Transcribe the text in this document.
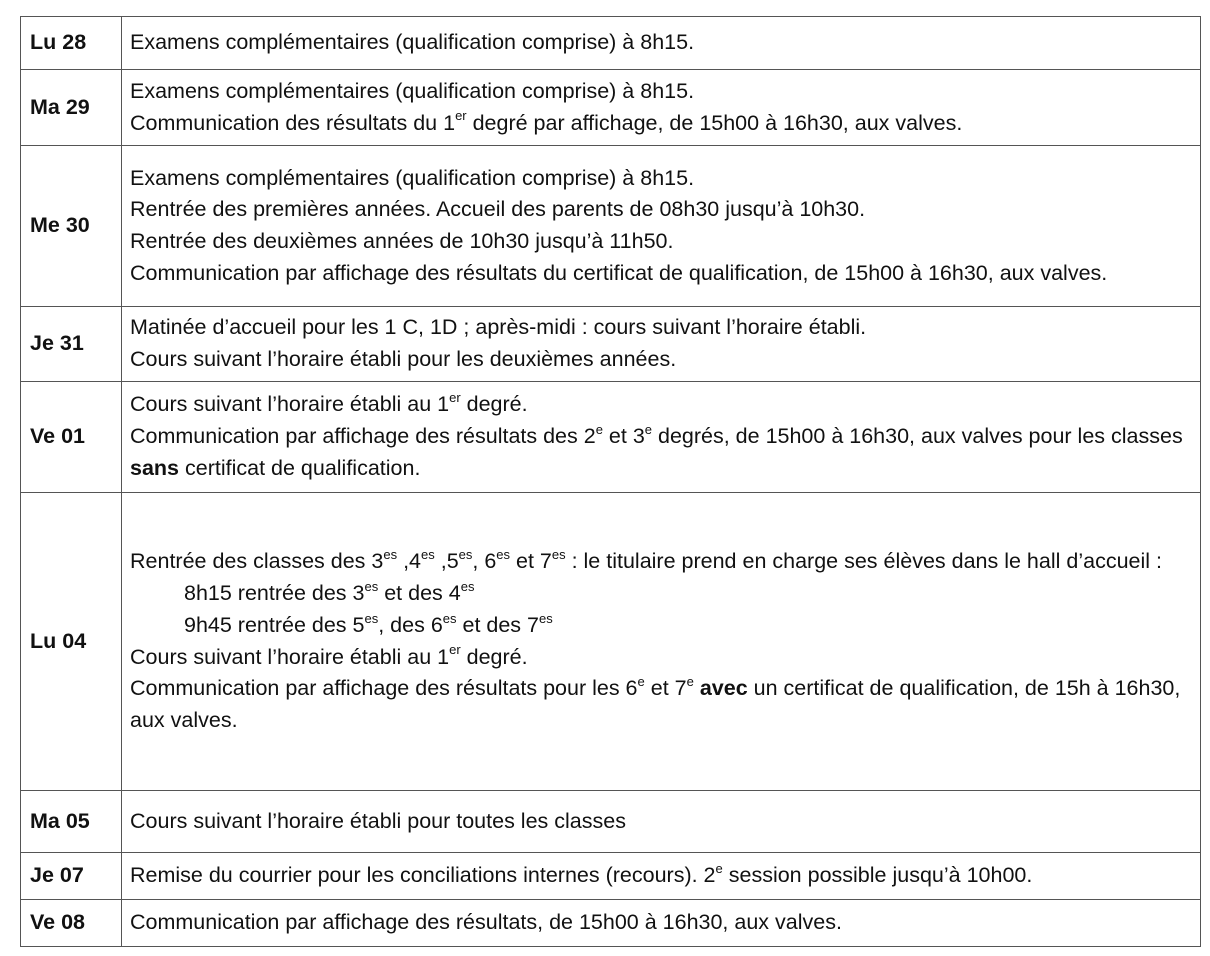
Lu 28	Examens complémentaires (qualification comprise) à 8h15.

Ma 29	Examens complémentaires (qualification comprise) à 8h15.
Communication des résultats du 1er degré par affichage, de 15h00 à 16h30, aux valves.

Me 30	Examens complémentaires (qualification comprise) à 8h15.
Rentrée des premières années. Accueil des parents de 08h30 jusqu’à 10h30.
Rentrée des deuxièmes années de 10h30 jusqu’à 11h50.
Communication par affichage des résultats du certificat de qualification, de 15h00 à 16h30, aux valves.

Je 31	Matinée d’accueil pour les 1 C, 1D ; après-midi : cours suivant l’horaire établi.
Cours suivant l’horaire établi pour les deuxièmes années.

Ve 01	Cours suivant l’horaire établi au 1er degré.
Communication par affichage des résultats des 2e et 3e degrés, de 15h00 à 16h30, aux valves pour les classes sans certificat de qualification.

Lu 04	Rentrée des classes des $3^{es}$ $,4^{es}$ $,5^{es}$, $6^{es}$ et $7^{es}$ : le titulaire prend en charge ses élèves dans le hall d’accueil :
8h15 rentrée des $3^{es}$ et des $4^{es}$
9h45 rentrée des $5^{es}$, des $6^{es}$ et des $7^{es}$
Cours suivant l’horaire établi au 1er degré.
Communication par affichage des résultats pour les 6e et 7e avec un certificat de qualification, de 15h à 16h30, aux valves.

Ma 05	Cours suivant l’horaire établi pour toutes les classes

Je 07	Remise du courrier pour les conciliations internes (recours). 2e session possible jusqu’à 10h00.

Ve 08	Communication par affichage des résultats, de 15h00 à 16h30, aux valves.
